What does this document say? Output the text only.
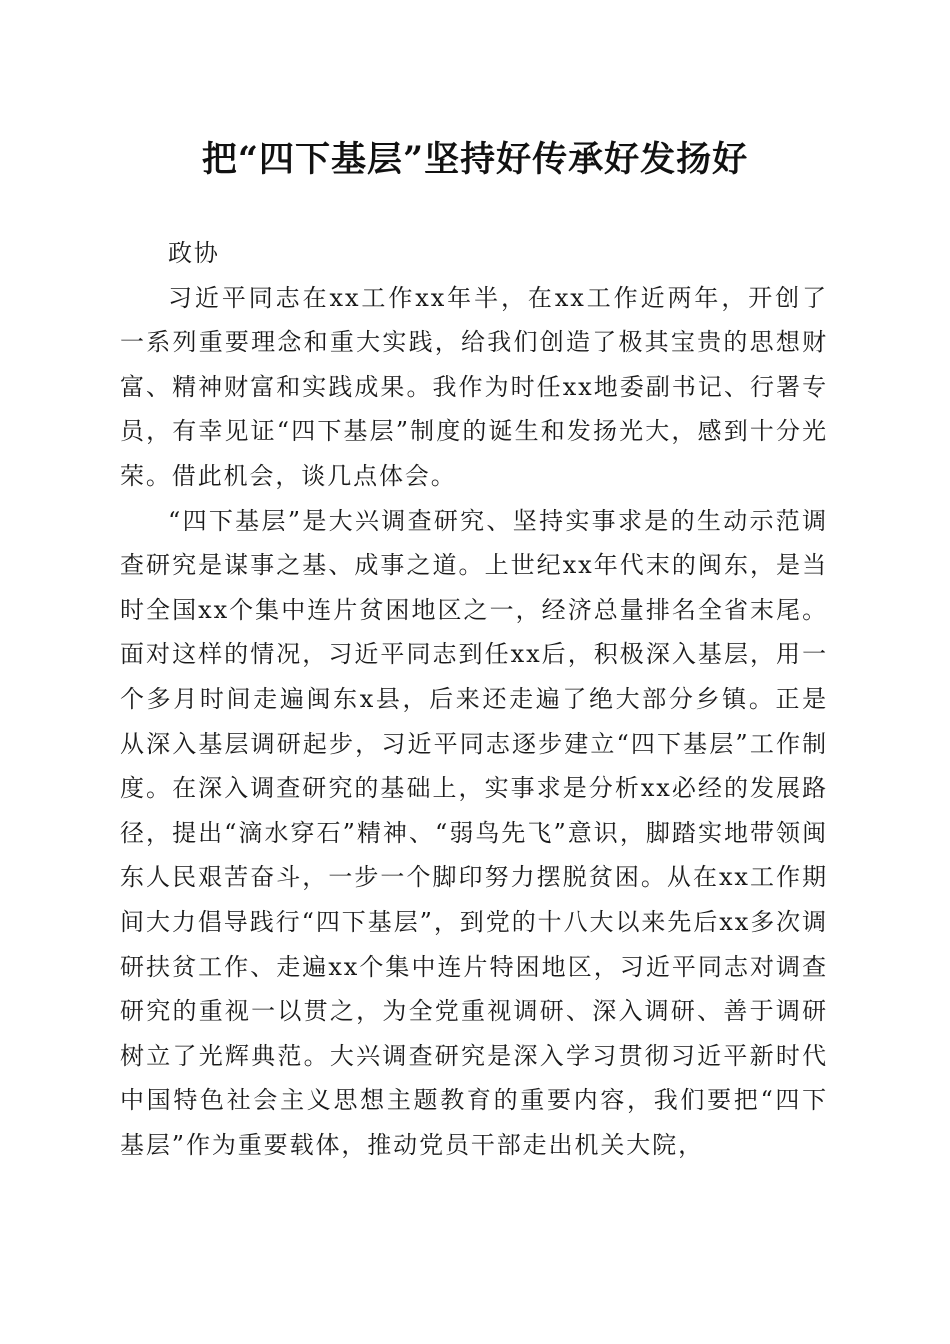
把“四下基层”坚持好传承好发扬好

政协

习近平同志在xx工作xx年半，在xx工作近两年，开创了一系列重要理念和重大实践，给我们创造了极其宝贵的思想财富、精神财富和实践成果。我作为时任xx地委副书记、行署专员，有幸见证“四下基层”制度的诞生和发扬光大，感到十分光荣。借此机会，谈几点体会。

“四下基层”是大兴调查研究、坚持实事求是的生动示范调查研究是谋事之基、成事之道。上世纪xx年代末的闽东，是当时全国xx个集中连片贫困地区之一，经济总量排名全省末尾。面对这样的情况，习近平同志到任xx后，积极深入基层，用一个多月时间走遍闽东x县，后来还走遍了绝大部分乡镇。正是从深入基层调研起步，习近平同志逐步建立“四下基层”工作制度。在深入调查研究的基础上，实事求是分析xx必经的发展路径，提出“滴水穿石”精神、“弱鸟先飞”意识，脚踏实地带领闽东人民艰苦奋斗，一步一个脚印努力摆脱贫困。从在xx工作期间大力倡导践行“四下基层”，到党的十八大以来先后xx多次调研扶贫工作、走遍xx个集中连片特困地区，习近平同志对调查研究的重视一以贯之，为全党重视调研、深入调研、善于调研树立了光辉典范。大兴调查研究是深入学习贯彻习近平新时代中国特色社会主义思想主题教育的重要内容，我们要把“四下基层”作为重要载体，推动党员干部走出机关大院，
